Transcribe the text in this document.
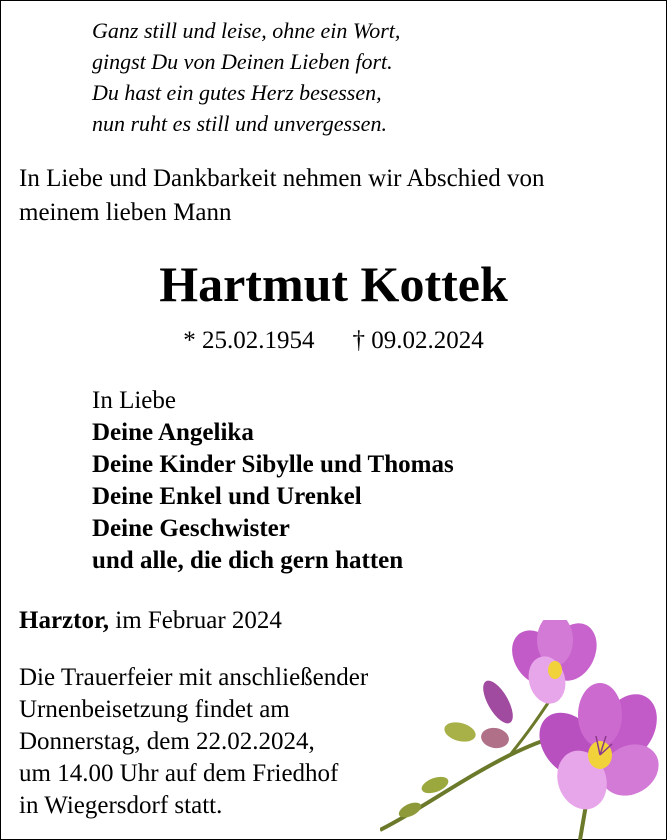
Ganz still und leise, ohne ein Wort,
gingst Du von Deinen Lieben fort.
Du hast ein gutes Herz besessen,
nun ruht es still und unvergessen.
In Liebe und Dankbarkeit nehmen wir Abschied von
meinem lieben Mann
Hartmut Kottek
* 25.02.1954 † 09.02.2024
In Liebe
Deine Angelika
Deine Kinder Sibylle und Thomas
Deine Enkel und Urenkel
Deine Geschwister
und alle, die dich gern hatten
Harztor, im Februar 2024
Die Trauerfeier mit anschließender
Urnenbeisetzung findet am
Donnerstag, dem 22.02.2024,
um 14.00 Uhr auf dem Friedhof
in Wiegersdorf statt.
